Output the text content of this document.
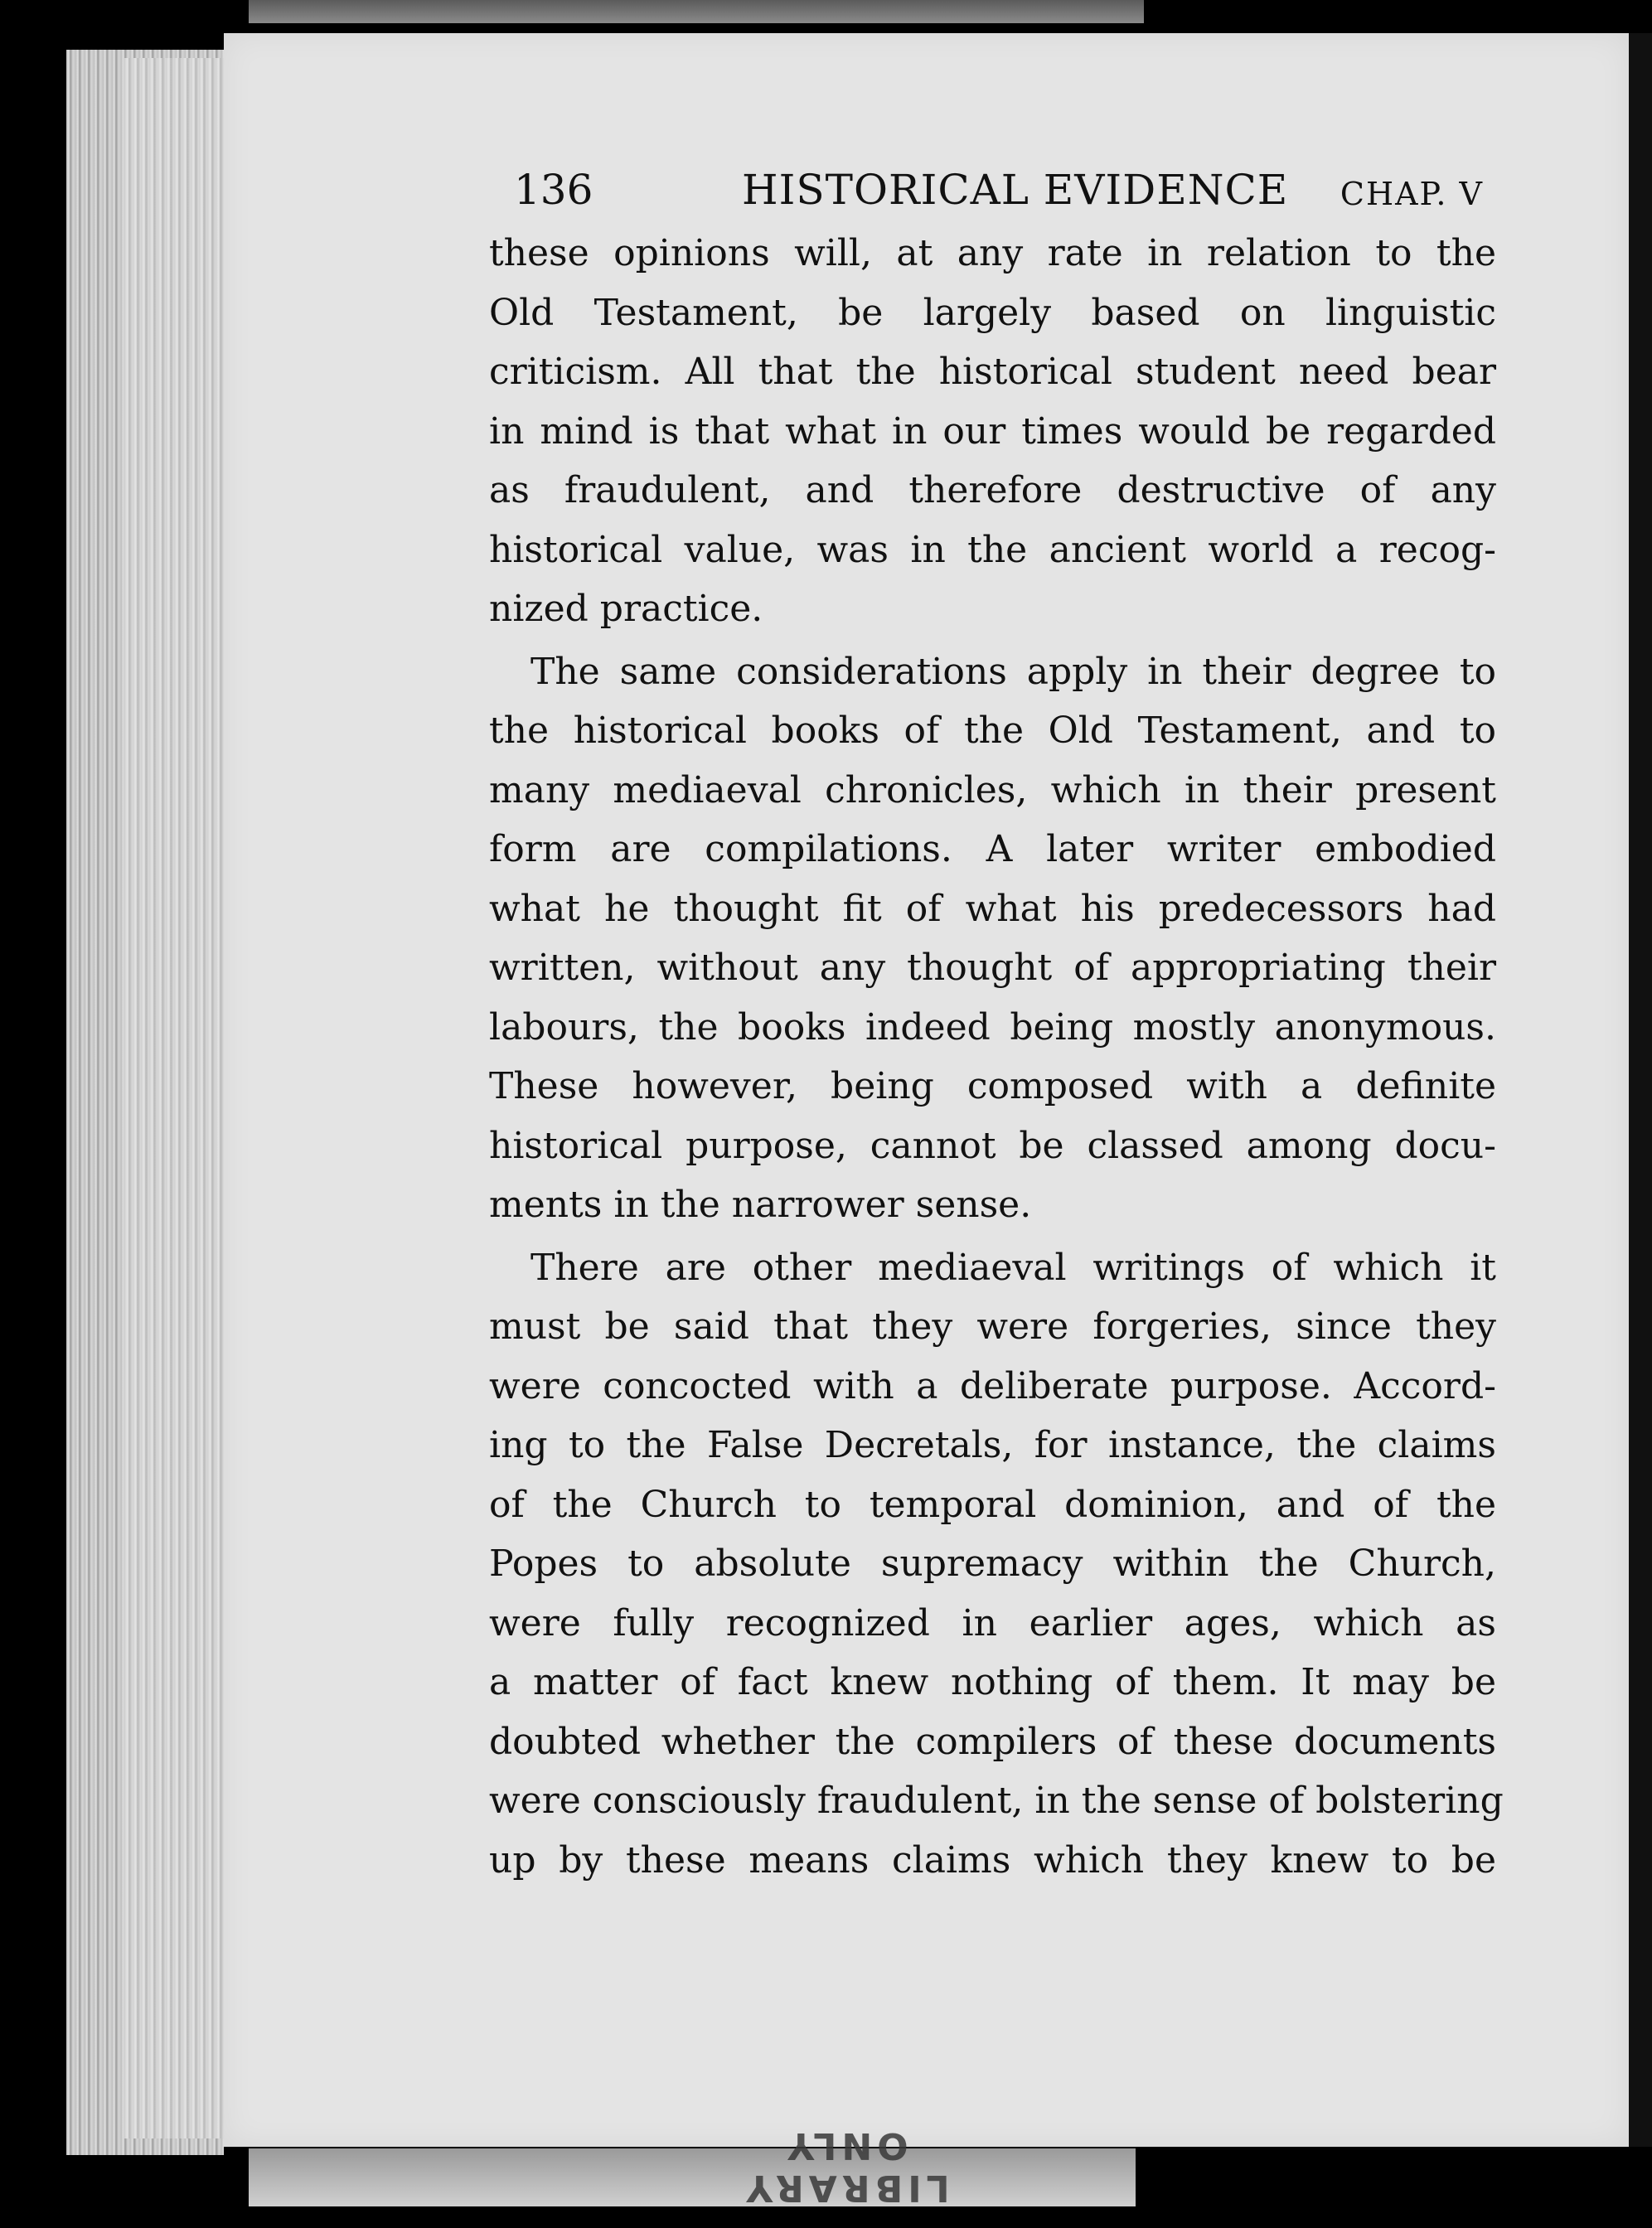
LIBRARY ONLY
136	HISTORICAL EVIDENCE CHAP. V

these opinions will, at any rate in relation to the
Old Testament, be largely based on linguistic
criticism. All that the historical student need bear
in mind is that what in our times would be regarded
as fraudulent, and therefore destructive of any
historical value, was in the ancient world a recog-
nized practice.

The same considerations apply in their degree to
the historical books of the Old Testament, and to
many mediaeval chronicles, which in their present
form are compilations. A later writer embodied
what he thought fit of what his predecessors had
written, without any thought of appropriating their
labours, the books indeed being mostly anonymous.
These however, being composed with a definite
historical purpose, cannot be classed among docu-
ments in the narrower sense.

There are other mediaeval writings of which it
must be said that they were forgeries, since they
were concocted with a deliberate purpose. Accord-
ing to the False Decretals, for instance, the claims
of the Church to temporal dominion, and of the
Popes to absolute supremacy within the Church,
were fully recognized in earlier ages, which as
a matter of fact knew nothing of them. It may be
doubted whether the compilers of these documents
were consciously fraudulent, in the sense of bolstering
up by these means claims which they knew to be
